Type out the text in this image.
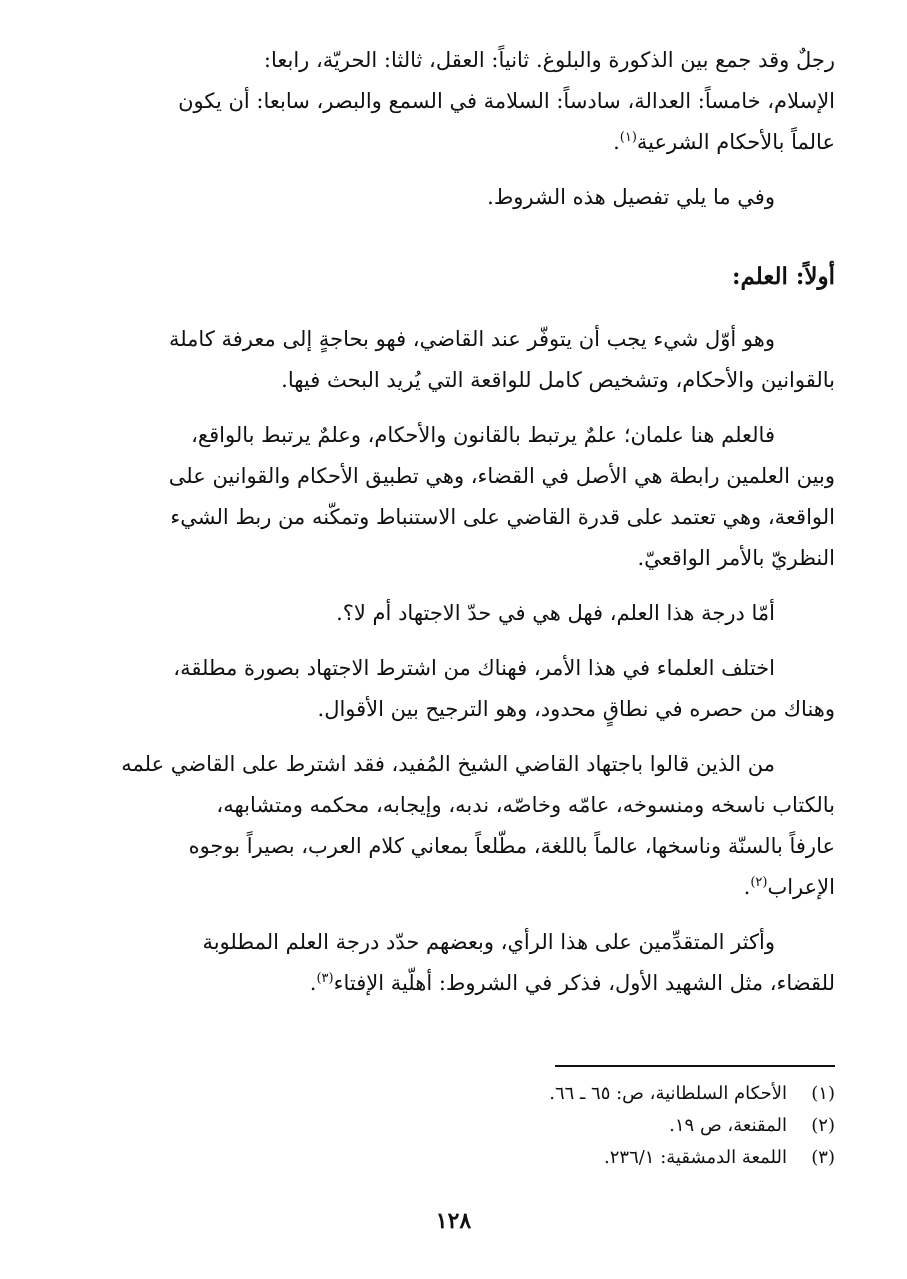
رجلٌ وقد جمع بين الذكورة والبلوغ. ثانياً: العقل، ثالثا: الحريّة، رابعا:

الإسلام، خامساً: العدالة، سادساً: السلامة في السمع والبصر، سابعا: أن يكون

عالماً بالأحكام الشرعية$^{(١)}$.

وفي ما يلي تفصيل هذه الشروط.

أولاً: العلم:

وهو أوّل شيء يجب أن يتوفّر عند القاضي، فهو بحاجةٍ إلى معرفة كاملة

بالقوانين والأحكام، وتشخيص كامل للواقعة التي يُريد البحث فيها.

فالعلم هنا علمان؛ علمٌ يرتبط بالقانون والأحكام، وعلمٌ يرتبط بالواقع،

وبين العلمين رابطة هي الأصل في القضاء، وهي تطبيق الأحكام والقوانين على

الواقعة، وهي تعتمد على قدرة القاضي على الاستنباط وتمكّنه من ربط الشيء

النظريّ بالأمر الواقعيّ.

أمّا درجة هذا العلم، فهل هي في حدّ الاجتهاد أم لا؟.

اختلف العلماء في هذا الأمر، فهناك من اشترط الاجتهاد بصورة مطلقة،

وهناك من حصره في نطاقٍ محدود، وهو الترجيح بين الأقوال.

من الذين قالوا باجتهاد القاضي الشيخ المُفيد، فقد اشترط على القاضي علمه

بالكتاب ناسخه ومنسوخه، عامّه وخاصّه، ندبه، وإيجابه، محكمه ومتشابهه،

عارفاً بالسنّة وناسخها، عالماً باللغة، مطّلعاً بمعاني كلام العرب، بصيراً بوجوه

الإعراب$^{(٢)}$.

وأكثر المتقدِّمين على هذا الرأي، وبعضهم حدّد درجة العلم المطلوبة

للقضاء، مثل الشهيد الأول، فذكر في الشروط: أهلّية الإفتاء$^{(٣)}$.

(١)
الأحكام السلطانية، ص: ٦٥ ـ ٦٦.
(٢)
المقنعة، ص ١٩.
(٣)
اللمعة الدمشقية: ٢٣٦/١.
١٢٨
